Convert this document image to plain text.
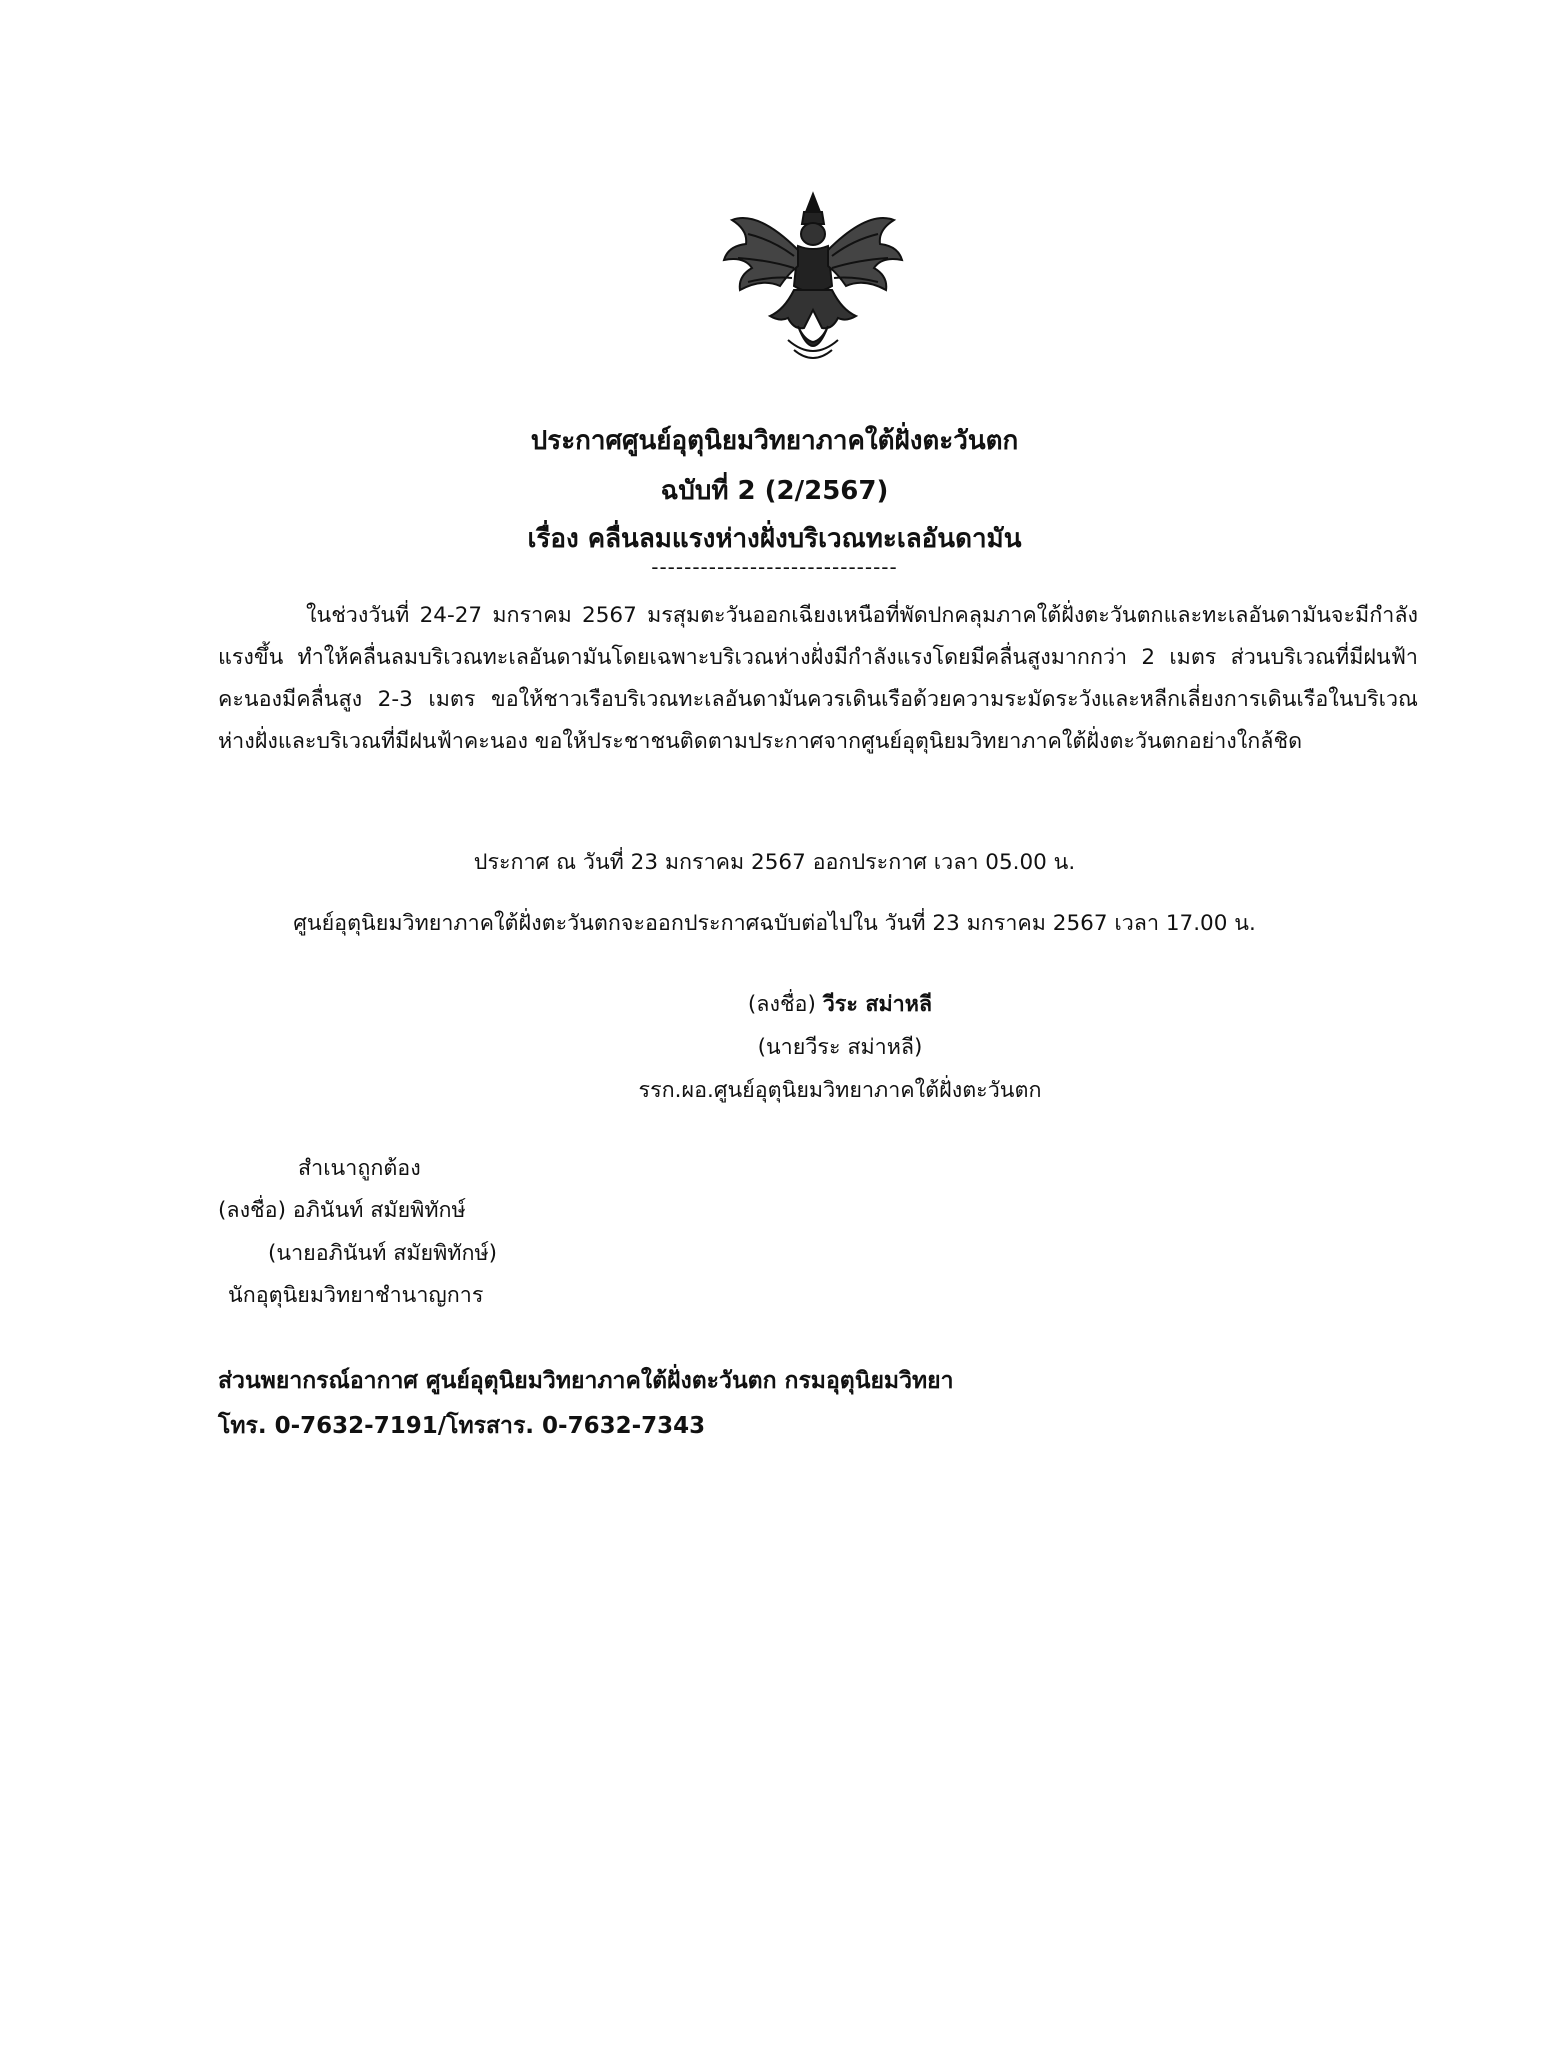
ประกาศศูนย์อุตุนิยมวิทยาภาคใต้ฝั่งตะวันตก
ฉบับที่ 2 (2/2567)
เรื่อง คลื่นลมแรงห่างฝั่งบริเวณทะเลอันดามัน
------------------------------
ในช่วงวันที่ 24-27 มกราคม 2567 มรสุมตะวันออกเฉียงเหนือที่พัดปกคลุมภาคใต้ฝั่งตะวันตกและทะเลอันดามันจะมีกำลังแรงขึ้น ทำให้คลื่นลมบริเวณทะเลอันดามันโดยเฉพาะบริเวณห่างฝั่งมีกำลังแรงโดยมีคลื่นสูงมากกว่า 2 เมตร ส่วนบริเวณที่มีฝนฟ้าคะนองมีคลื่นสูง 2-3 เมตร ขอให้ชาวเรือบริเวณทะเลอันดามันควรเดินเรือด้วยความระมัดระวังและหลีกเลี่ยงการเดินเรือในบริเวณห่างฝั่งและบริเวณที่มีฝนฟ้าคะนอง ขอให้ประชาชนติดตามประกาศจากศูนย์อุตุนิยมวิทยาภาคใต้ฝั่งตะวันตกอย่างใกล้ชิด
ประกาศ ณ วันที่ 23 มกราคม 2567 ออกประกาศ เวลา 05.00 น.
ศูนย์อุตุนิยมวิทยาภาคใต้ฝั่งตะวันตกจะออกประกาศฉบับต่อไปใน วันที่ 23 มกราคม 2567 เวลา 17.00 น.
(ลงชื่อ) วีระ สม่าหลี
(นายวีระ สม่าหลี)
รรก.ผอ.ศูนย์อุตุนิยมวิทยาภาคใต้ฝั่งตะวันตก
สำเนาถูกต้อง
(ลงชื่อ) อภินันท์ สมัยพิทักษ์
(นายอภินันท์ สมัยพิทักษ์)
นักอุตุนิยมวิทยาชำนาญการ
ส่วนพยากรณ์อากาศ ศูนย์อุตุนิยมวิทยาภาคใต้ฝั่งตะวันตก กรมอุตุนิยมวิทยา
โทร. 0-7632-7191/โทรสาร. 0-7632-7343
